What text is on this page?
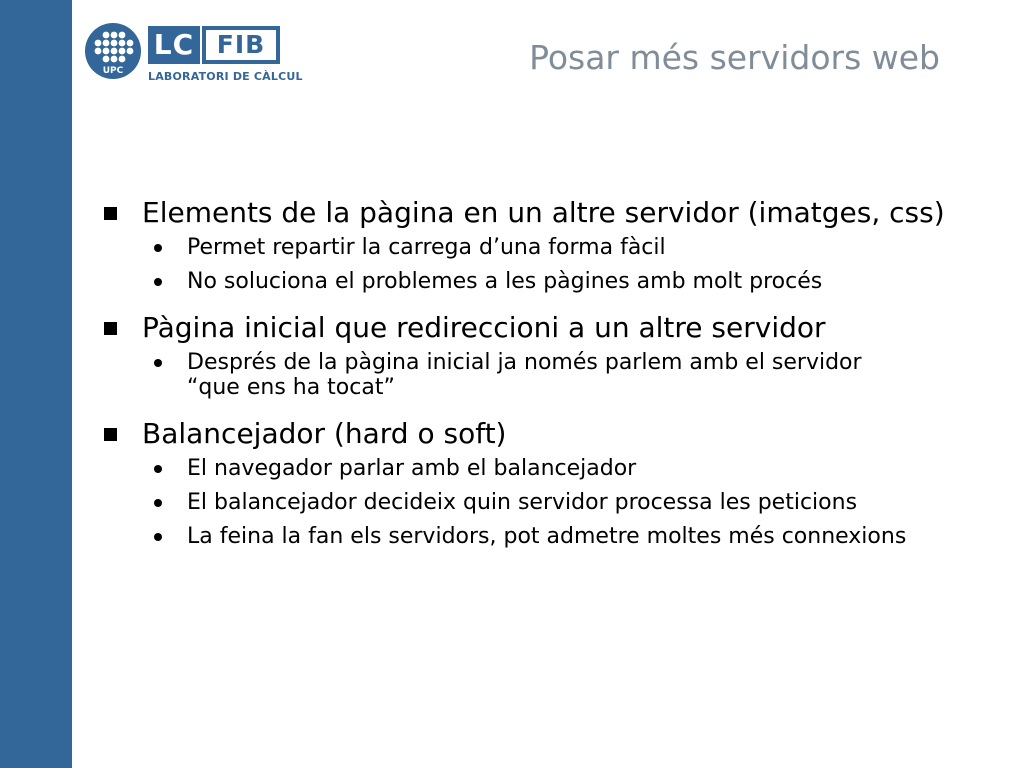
UPC
LC FIB
LABORATORI DE CÀLCUL	Posar més servidors web
Elements de la pàgina en un altre servidor (imatges, css)
Permet repartir la carrega d’una forma fàcil
No soluciona el problemes a les pàgines amb molt procés
Pàgina inicial que redireccioni a un altre servidor
Després de la pàgina inicial ja només parlem amb el servidor
“que ens ha tocat”
Balancejador (hard o soft)
El navegador parlar amb el balancejador
El balancejador decideix quin servidor processa les peticions
La feina la fan els servidors, pot admetre moltes més connexions
